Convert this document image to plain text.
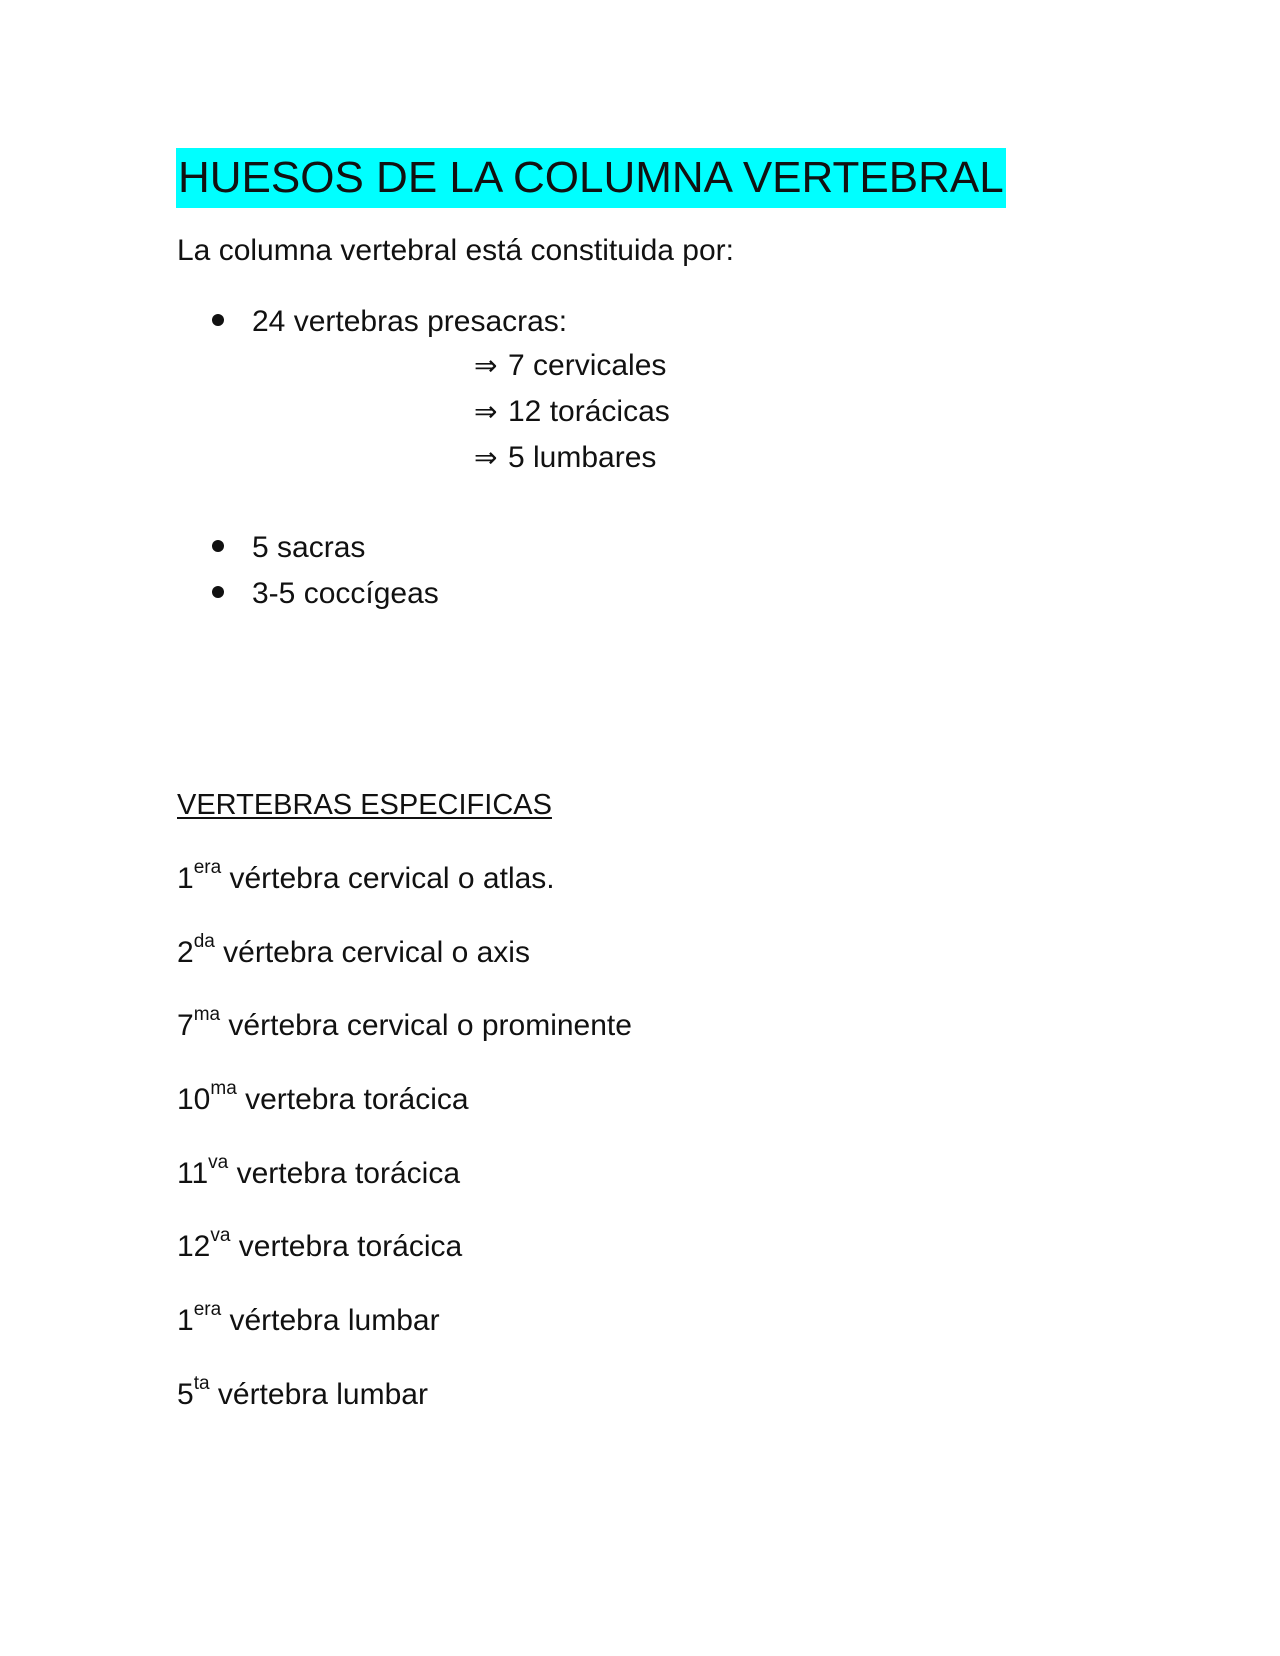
HUESOS DE LA COLUMNA VERTEBRAL
La columna vertebral está constituida por:
24 vertebras presacras:
⇒ 7 cervicales
⇒ 12 torácicas
⇒ 5 lumbares
5 sacras
3-5 coccígeas
VERTEBRAS ESPECIFICAS
$1^{era}$ vértebra cervical o atlas.
$2^{da}$ vértebra cervical o axis
$7^{ma}$ vértebra cervical o prominente
$10^{ma}$ vertebra torácica
$11^{va}$ vertebra torácica
$12^{va}$ vertebra torácica
$1^{era}$ vértebra lumbar
$5^{ta}$ vértebra lumbar
